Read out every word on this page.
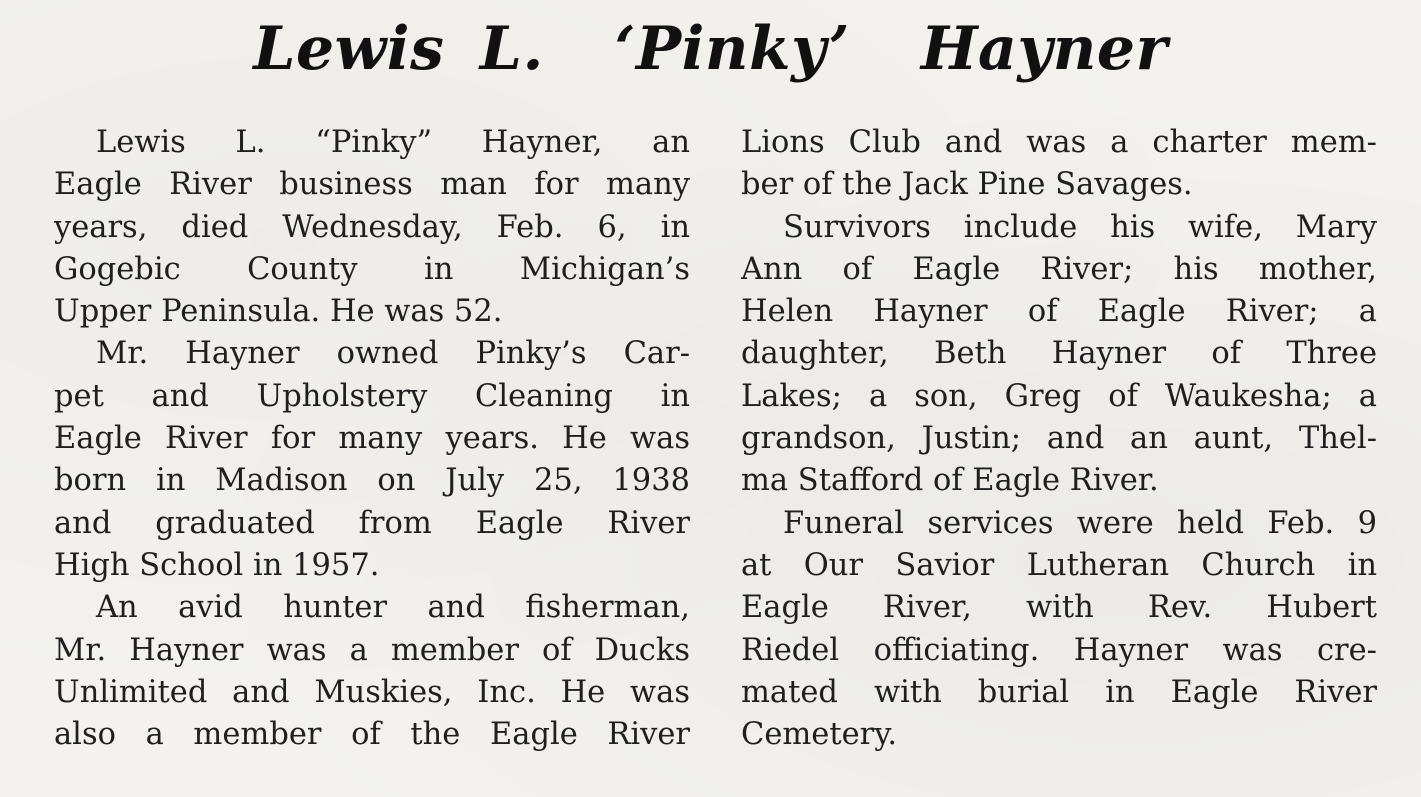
Lewis L.  ‘Pinky’  Hayner
Lewis L. “Pinky” Hayner, an
Eagle River business man for many
years, died Wednesday, Feb. 6, in
Gogebic County in Michigan’s
Upper Peninsula. He was 52.
Mr. Hayner owned Pinky’s Car-
pet and Upholstery Cleaning in
Eagle River for many years. He was
born in Madison on July 25, 1938
and graduated from Eagle River
High School in 1957.
An avid hunter and fisherman,
Mr. Hayner was a member of Ducks
Unlimited and Muskies, Inc. He was
also a member of the Eagle River
Lions Club and was a charter mem-
ber of the Jack Pine Savages.
Survivors include his wife, Mary
Ann of Eagle River; his mother,
Helen Hayner of Eagle River; a
daughter, Beth Hayner of Three
Lakes; a son, Greg of Waukesha; a
grandson, Justin; and an aunt, Thel-
ma Stafford of Eagle River.
Funeral services were held Feb. 9
at Our Savior Lutheran Church in
Eagle River, with Rev. Hubert
Riedel officiating. Hayner was cre-
mated with burial in Eagle River
Cemetery.
